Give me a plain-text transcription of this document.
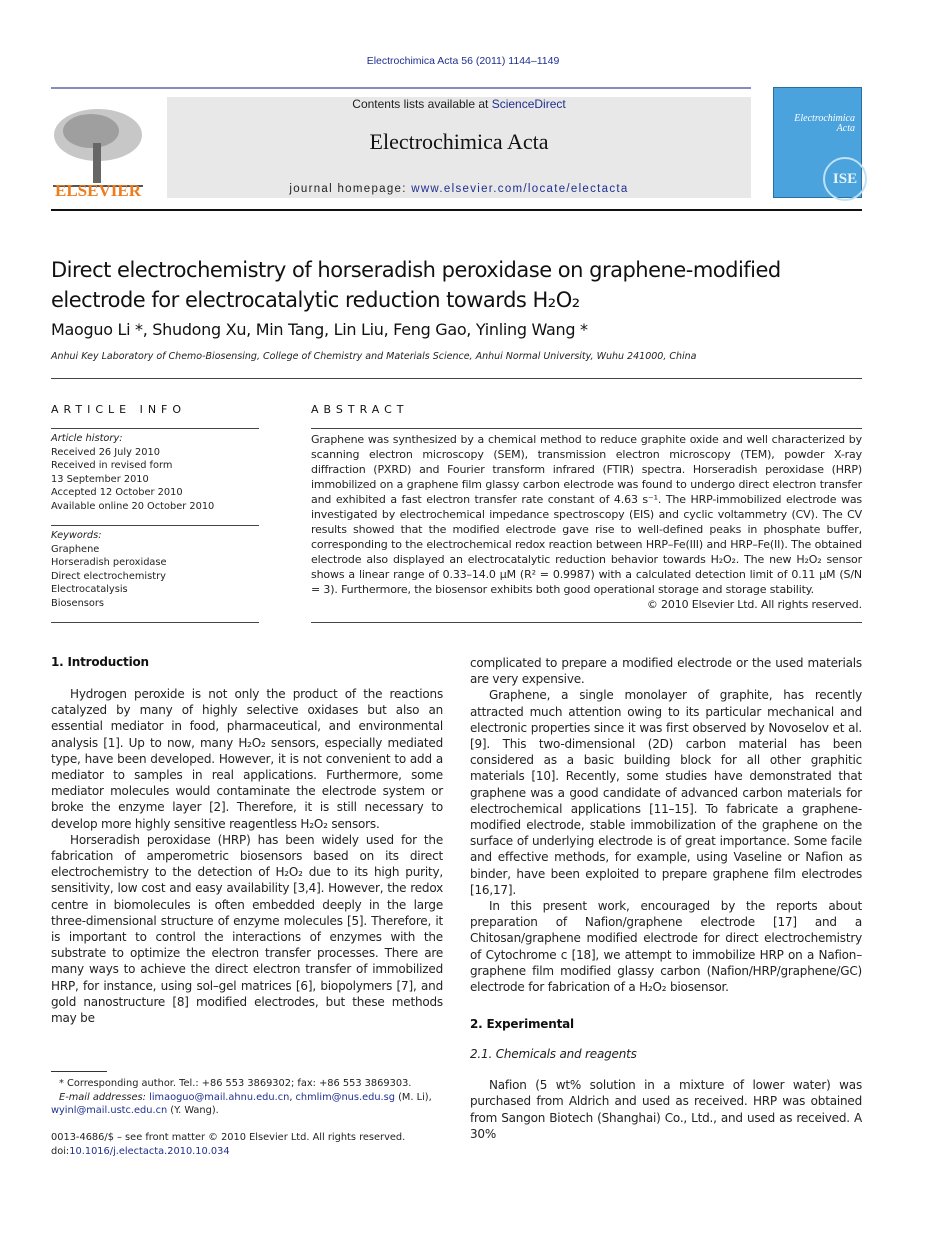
Electrochimica Acta 56 (2011) 1144–1149
ELSEVIER
Contents lists available at ScienceDirect
Electrochimica Acta
journal homepage: www.elsevier.com/locate/electacta
Electrochimica Acta
ISE
Direct electrochemistry of horseradish peroxidase on graphene-modified
electrode for electrocatalytic reduction towards H₂O₂
Maoguo Li *, Shudong Xu, Min Tang, Lin Liu, Feng Gao, Yinling Wang *
Anhui Key Laboratory of Chemo-Biosensing, College of Chemistry and Materials Science, Anhui Normal University, Wuhu 241000, China
ARTICLE INFO
Article history:
Received 26 July 2010
Received in revised form
13 September 2010
Accepted 12 October 2010
Available online 20 October 2010
Keywords:
Graphene
Horseradish peroxidase
Direct electrochemistry
Electrocatalysis
Biosensors
ABSTRACT
Graphene was synthesized by a chemical method to reduce graphite oxide and well characterized by scanning electron microscopy (SEM), transmission electron microscopy (TEM), powder X-ray diffraction (PXRD) and Fourier transform infrared (FTIR) spectra. Horseradish peroxidase (HRP) immobilized on a graphene film glassy carbon electrode was found to undergo direct electron transfer and exhibited a fast electron transfer rate constant of 4.63 s⁻¹. The HRP-immobilized electrode was investigated by electrochemical impedance spectroscopy (EIS) and cyclic voltammetry (CV). The CV results showed that the modified electrode gave rise to well-defined peaks in phosphate buffer, corresponding to the electrochemical redox reaction between HRP–Fe(III) and HRP–Fe(II). The obtained electrode also displayed an electrocatalytic reduction behavior towards H₂O₂. The new H₂O₂ sensor shows a linear range of 0.33–14.0 μM (R² = 0.9987) with a calculated detection limit of 0.11 μM (S/N = 3). Furthermore, the biosensor exhibits both good operational storage and storage stability.
© 2010 Elsevier Ltd. All rights reserved.
1. Introduction

Hydrogen peroxide is not only the product of the reactions catalyzed by many of highly selective oxidases but also an essential mediator in food, pharmaceutical, and environmental analysis [1]. Up to now, many H₂O₂ sensors, especially mediated type, have been developed. However, it is not convenient to add a mediator to samples in real applications. Furthermore, some mediator molecules would contaminate the electrode system or broke the enzyme layer [2]. Therefore, it is still necessary to develop more highly sensitive reagentless H₂O₂ sensors.

Horseradish peroxidase (HRP) has been widely used for the fabrication of amperometric biosensors based on its direct electrochemistry to the detection of H₂O₂ due to its high purity, sensitivity, low cost and easy availability [3,4]. However, the redox centre in biomolecules is often embedded deeply in the large three-dimensional structure of enzyme molecules [5]. Therefore, it is important to control the interactions of enzymes with the substrate to optimize the electron transfer processes. There are many ways to achieve the direct electron transfer of immobilized HRP, for instance, using sol–gel matrices [6], biopolymers [7], and gold nanostructure [8] modified electrodes, but these methods may be

complicated to prepare a modified electrode or the used materials are very expensive.

Graphene, a single monolayer of graphite, has recently attracted much attention owing to its particular mechanical and electronic properties since it was first observed by Novoselov et al. [9]. This two-dimensional (2D) carbon material has been considered as a basic building block for all other graphitic materials [10]. Recently, some studies have demonstrated that graphene was a good candidate of advanced carbon materials for electrochemical applications [11–15]. To fabricate a graphene-modified electrode, stable immobilization of the graphene on the surface of underlying electrode is of great importance. Some facile and effective methods, for example, using Vaseline or Nafion as binder, have been exploited to prepare graphene film electrodes [16,17].

In this present work, encouraged by the reports about preparation of Nafion/graphene electrode [17] and a Chitosan/graphene modified electrode for direct electrochemistry of Cytochrome c [18], we attempt to immobilize HRP on a Nafion–graphene film modified glassy carbon (Nafion/HRP/graphene/GC) electrode for fabrication of a H₂O₂ biosensor.

2. Experimental
2.1. Chemicals and reagents

Nafion (5 wt% solution in a mixture of lower water) was purchased from Aldrich and used as received. HRP was obtained from Sangon Biotech (Shanghai) Co., Ltd., and used as received. A 30%

* Corresponding author. Tel.: +86 553 3869302; fax: +86 553 3869303.
E-mail addresses: limaoguo@mail.ahnu.edu.cn, chmlim@nus.edu.sg (M. Li),
wyinl@mail.ustc.edu.cn (Y. Wang).
0013-4686/$ – see front matter © 2010 Elsevier Ltd. All rights reserved.
doi:10.1016/j.electacta.2010.10.034
